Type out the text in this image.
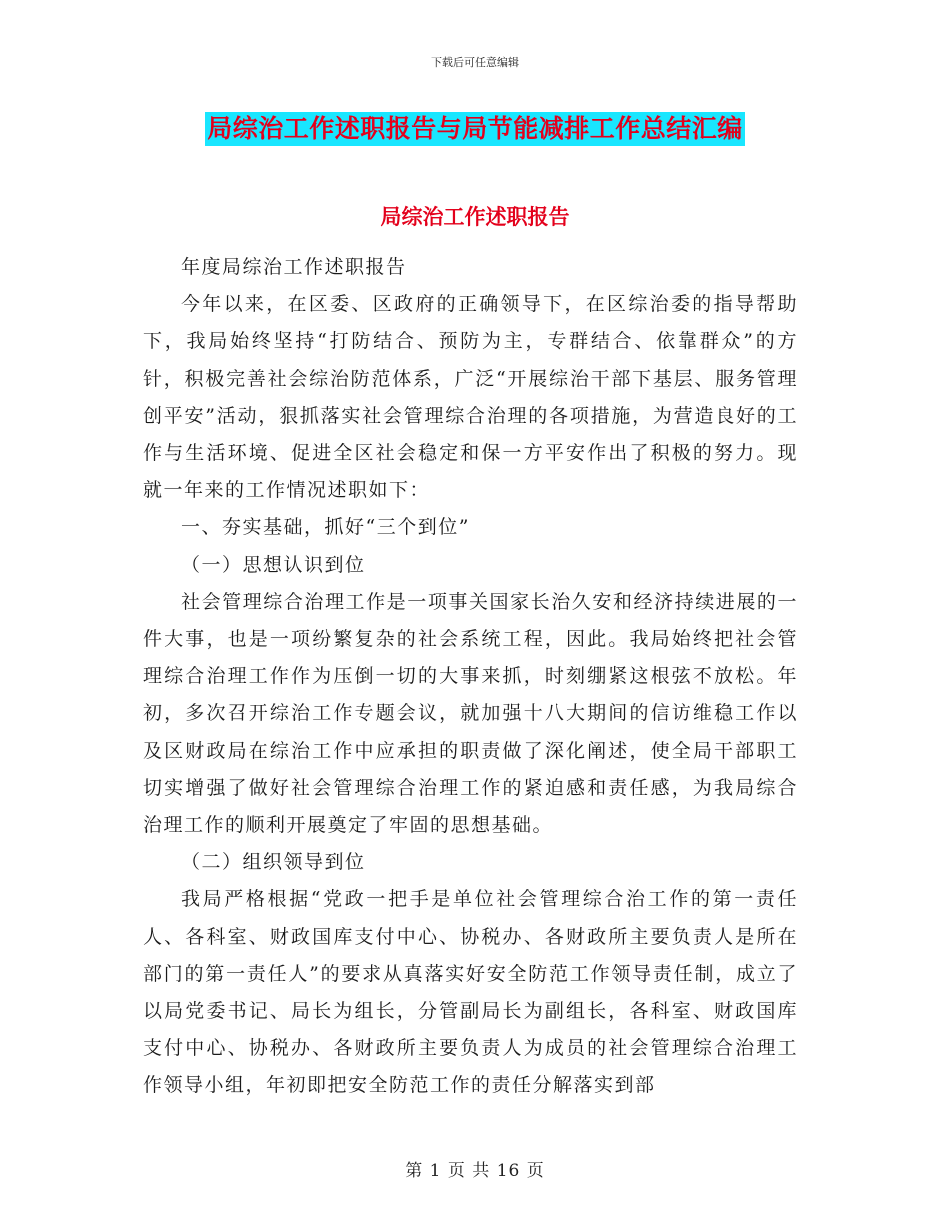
下载后可任意编辑
局综治工作述职报告与局节能减排工作总结汇编
局综治工作述职报告

年度局综治工作述职报告

今年以来，在区委、区政府的正确领导下，在区综治委的指导帮助下，我局始终坚持“打防结合、预防为主，专群结合、依靠群众”的方针，积极完善社会综治防范体系，广泛“开展综治干部下基层、服务管理创平安”活动，狠抓落实社会管理综合治理的各项措施，为营造良好的工作与生活环境、促进全区社会稳定和保一方平安作出了积极的努力。现就一年来的工作情况述职如下：

一、夯实基础，抓好“三个到位”

（一）思想认识到位

社会管理综合治理工作是一项事关国家长治久安和经济持续进展的一件大事，也是一项纷繁复杂的社会系统工程，因此。我局始终把社会管理综合治理工作作为压倒一切的大事来抓，时刻绷紧这根弦不放松。年初，多次召开综治工作专题会议，就加强十八大期间的信访维稳工作以及区财政局在综治工作中应承担的职责做了深化阐述，使全局干部职工切实增强了做好社会管理综合治理工作的紧迫感和责任感，为我局综合治理工作的顺利开展奠定了牢固的思想基础。

（二）组织领导到位

我局严格根据“党政一把手是单位社会管理综合治工作的第一责任人、各科室、财政国库支付中心、协税办、各财政所主要负责人是所在部门的第一责任人”的要求从真落实好安全防范工作领导责任制，成立了以局党委书记、局长为组长，分管副局长为副组长，各科室、财政国库支付中心、协税办、各财政所主要负责人为成员的社会管理综合治理工作领导小组，年初即把安全防范工作的责任分解落实到部

第 1 页 共 16 页
